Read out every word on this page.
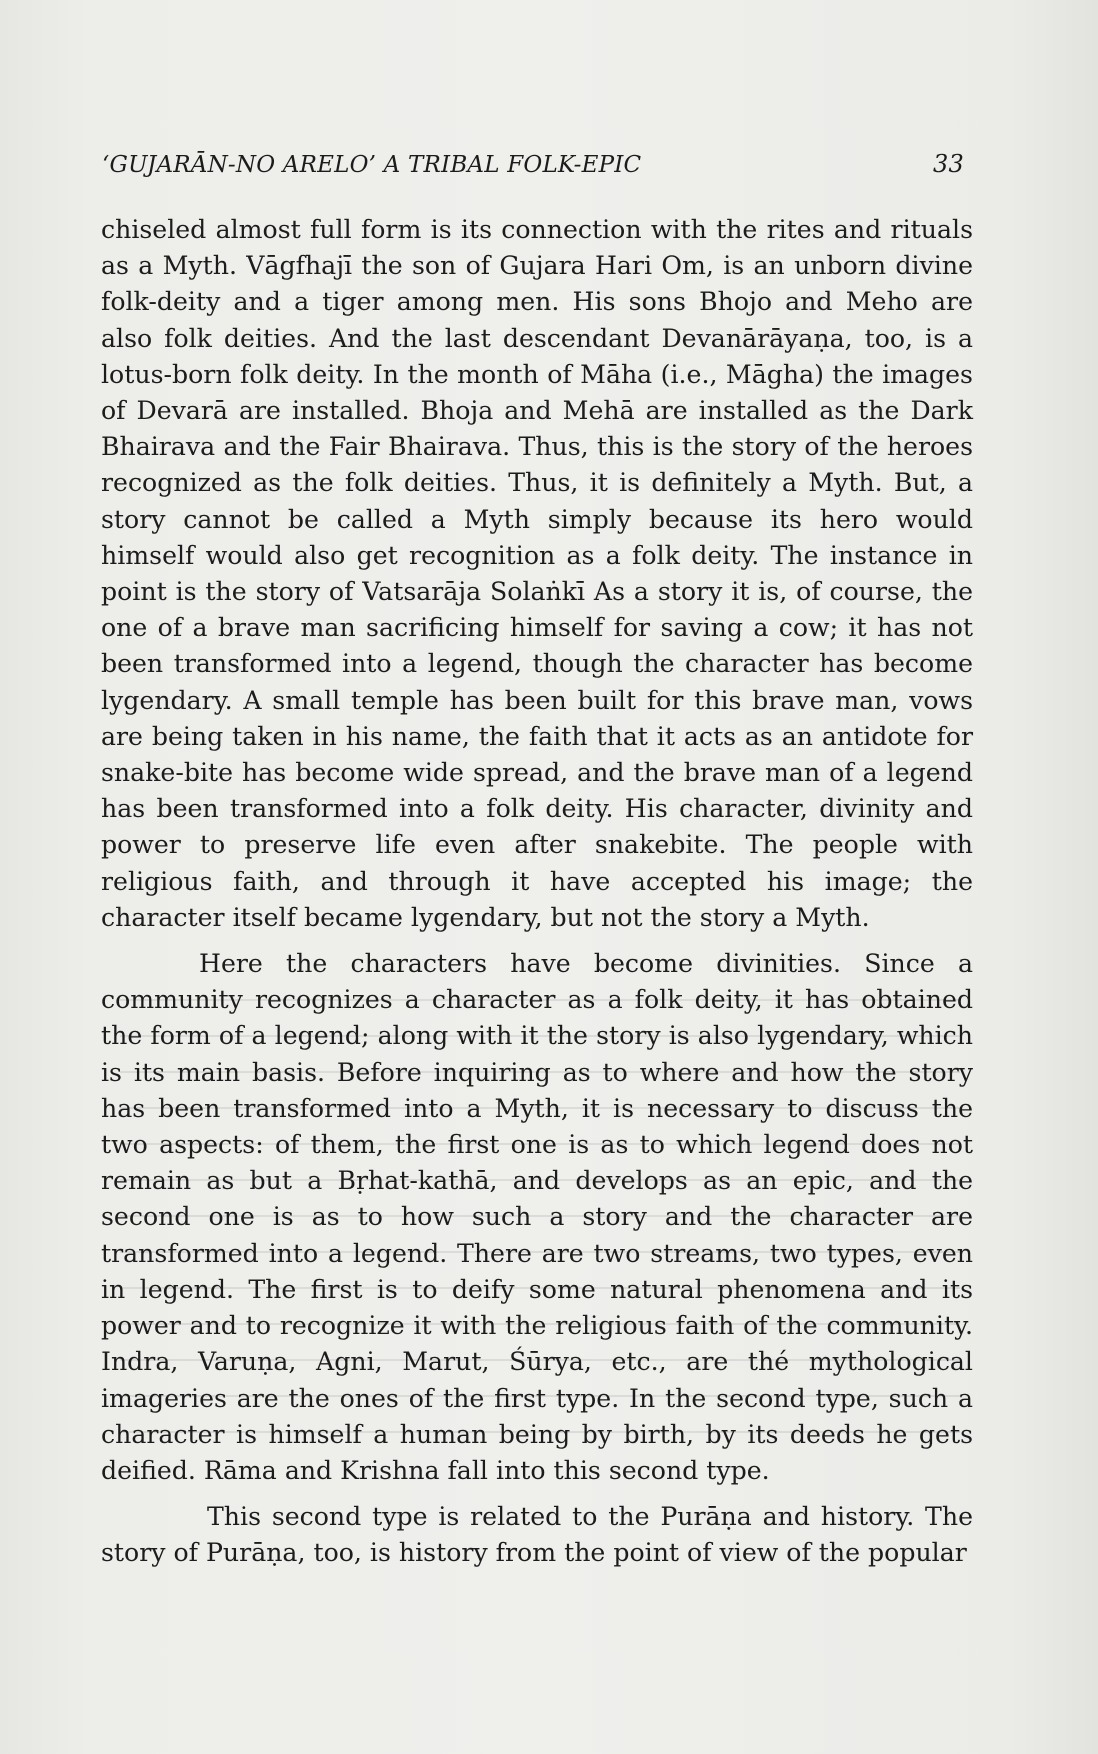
‘GUJARĀN-NO ARELO’ A TRIBAL FOLK-EPIC	33

chiseled almost full form is its connection with the rites and rituals as a Myth. Vāgfhajī the son of Gujara Hari Om, is an unborn divine folk-deity and a tiger among men. His sons Bhojo and Meho are also folk deities. And the last descendant Devanārāyaṇa, too, is a lotus-born folk deity. In the month of Māha (i.e., Māgha) the images of Devarā are installed. Bhoja and Mehā are installed as the Dark Bhairava and the Fair Bhairava. Thus, this is the story of the heroes recognized as the folk deities. Thus, it is definitely a Myth. But, a story cannot be called a Myth simply because its hero would himself would also get recognition as a folk deity. The instance in point is the story of Vatsarāja Solaṅkī As a story it is, of course, the one of a brave man sacrificing himself for saving a cow; it has not been transformed into a legend, though the character has become lygendary. A small temple has been built for this brave man, vows are being taken in his name, the faith that it acts as an antidote for snake-bite has become wide spread, and the brave man of a legend has been transformed into a folk deity. His character, divinity and power to preserve life even after snakebite. The people with religious faith, and through it have accepted his image; the character itself became lygendary, but not the story a Myth.

Here the characters have become divinities. Since a community recognizes a character as a folk deity, it has obtained the form of a legend; along with it the story is also lygendary, which is its main basis. Before inquiring as to where and how the story has been transformed into a Myth, it is necessary to discuss the two aspects: of them, the first one is as to which legend does not remain as but a Bṛhat-kathā, and develops as an epic, and the second one is as to how such a story and the character are transformed into a legend. There are two streams, two types, even in legend. The first is to deify some natural phenomena and its power and to recognize it with the religious faith of the community. Indra, Varuṇa, Agni, Marut, Śūrya, etc., are thé mythological imageries are the ones of the first type. In the second type, such a character is himself a human being by birth, by its deeds he gets deified. Rāma and Krishna fall into this second type.

This second type is related to the Purāṇa and history. The story of Purāṇa, too, is history from the point of view of the popular
